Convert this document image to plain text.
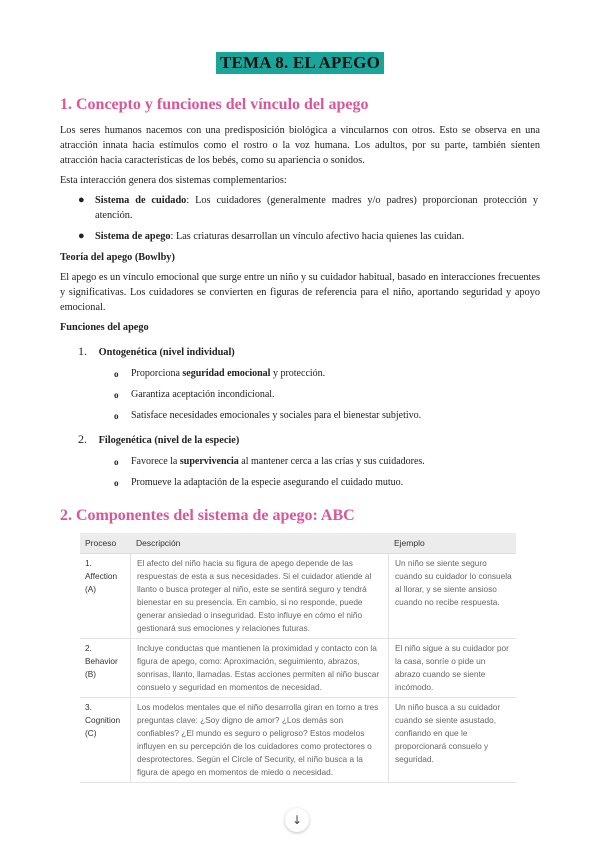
TEMA 8. EL APEGO
1. Concepto y funciones del vínculo del apego

Los seres humanos nacemos con una predisposición biológica a vincularnos con otros. Esto se observa en una atracción innata hacia estímulos como el rostro o la voz humana. Los adultos, por su parte, también sienten atracción hacia características de los bebés, como su apariencia o sonidos.

Esta interacción genera dos sistemas complementarios:

● Sistema de cuidado: Los cuidadores (generalmente madres y/o padres) proporcionan protección y atención.
● Sistema de apego: Las criaturas desarrollan un vínculo afectivo hacia quienes las cuidan.

Teoría del apego (Bowlby)

El apego es un vínculo emocional que surge entre un niño y su cuidador habitual, basado en interacciones frecuentes y significativas. Los cuidadores se convierten en figuras de referencia para el niño, aportando seguridad y apoyo emocional.

Funciones del apego

1. Ontogenética (nivel individual)
o Proporciona seguridad emocional y protección.
o Garantiza aceptación incondicional.
o Satisface necesidades emocionales y sociales para el bienestar subjetivo.
2. Filogenética (nivel de la especie)
o Favorece la supervivencia al mantener cerca a las crías y sus cuidadores.
o Promueve la adaptación de la especie asegurando el cuidado mutuo.
2. Componentes del sistema de apego: ABC
Proceso	Descripción	Ejemplo
1.
Affection
(A)
El afecto del niño hacia su figura de apego depende de las respuestas de esta a sus necesidades. Si el cuidador atiende al llanto o busca proteger al niño, este se sentirá seguro y tendrá bienestar en su presencia. En cambio, si no responde, puede generar ansiedad o inseguridad. Esto influye en cómo el niño gestionará sus emociones y relaciones futuras.
Un niño se siente seguro cuando su cuidador lo consuela al llorar, y se siente ansioso cuando no recibe respuesta.
2.
Behavior
(B)
Incluye conductas que mantienen la proximidad y contacto con la figura de apego, como: Aproximación, seguimiento, abrazos, sonrisas, llanto, llamadas. Estas acciones permiten al niño buscar consuelo y seguridad en momentos de necesidad.
El niño sigue a su cuidador por la casa, sonríe o pide un abrazo cuando se siente incómodo.
3.
Cognition
(C)
Los modelos mentales que el niño desarrolla giran en torno a tres preguntas clave: ¿Soy digno de amor? ¿Los demás son confiables? ¿El mundo es seguro o peligroso? Estos modelos influyen en su percepción de los cuidadores como protectores o desprotectores. Según el Circle of Security, el niño busca a la figura de apego en momentos de miedo o necesidad.
Un niño busca a su cuidador cuando se siente asustado, confiando en que le proporcionará consuelo y seguridad.
↓
